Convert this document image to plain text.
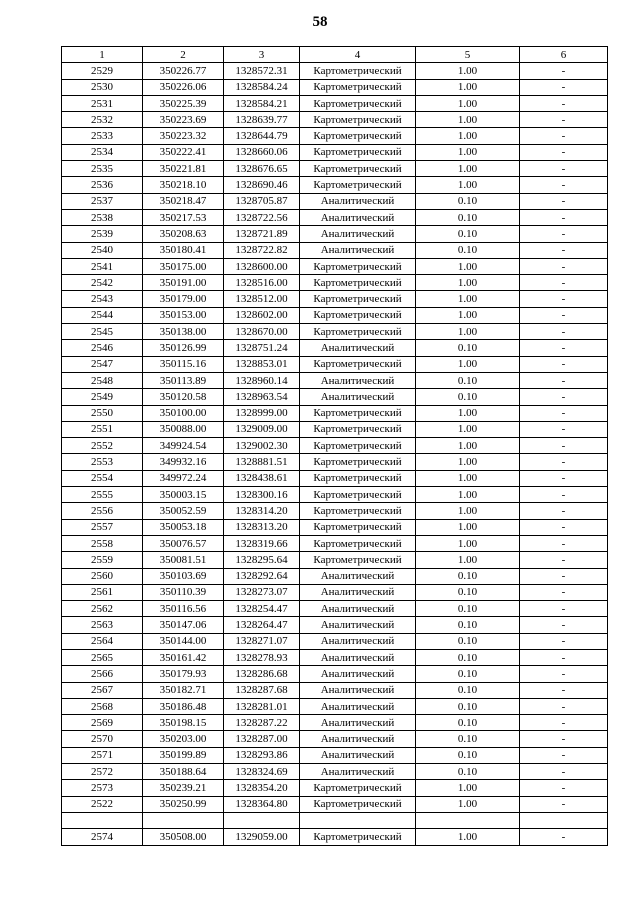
58
1	2	3	4	5	6
2529	350226.77	1328572.31	Картометрический	1.00	-
2530	350226.06	1328584.24	Картометрический	1.00	-
2531	350225.39	1328584.21	Картометрический	1.00	-
2532	350223.69	1328639.77	Картометрический	1.00	-
2533	350223.32	1328644.79	Картометрический	1.00	-
2534	350222.41	1328660.06	Картометрический	1.00	-
2535	350221.81	1328676.65	Картометрический	1.00	-
2536	350218.10	1328690.46	Картометрический	1.00	-
2537	350218.47	1328705.87	Аналитический	0.10	-
2538	350217.53	1328722.56	Аналитический	0.10	-
2539	350208.63	1328721.89	Аналитический	0.10	-
2540	350180.41	1328722.82	Аналитический	0.10	-
2541	350175.00	1328600.00	Картометрический	1.00	-
2542	350191.00	1328516.00	Картометрический	1.00	-
2543	350179.00	1328512.00	Картометрический	1.00	-
2544	350153.00	1328602.00	Картометрический	1.00	-
2545	350138.00	1328670.00	Картометрический	1.00	-
2546	350126.99	1328751.24	Аналитический	0.10	-
2547	350115.16	1328853.01	Картометрический	1.00	-
2548	350113.89	1328960.14	Аналитический	0.10	-
2549	350120.58	1328963.54	Аналитический	0.10	-
2550	350100.00	1328999.00	Картометрический	1.00	-
2551	350088.00	1329009.00	Картометрический	1.00	-
2552	349924.54	1329002.30	Картометрический	1.00	-
2553	349932.16	1328881.51	Картометрический	1.00	-
2554	349972.24	1328438.61	Картометрический	1.00	-
2555	350003.15	1328300.16	Картометрический	1.00	-
2556	350052.59	1328314.20	Картометрический	1.00	-
2557	350053.18	1328313.20	Картометрический	1.00	-
2558	350076.57	1328319.66	Картометрический	1.00	-
2559	350081.51	1328295.64	Картометрический	1.00	-
2560	350103.69	1328292.64	Аналитический	0.10	-
2561	350110.39	1328273.07	Аналитический	0.10	-
2562	350116.56	1328254.47	Аналитический	0.10	-
2563	350147.06	1328264.47	Аналитический	0.10	-
2564	350144.00	1328271.07	Аналитический	0.10	-
2565	350161.42	1328278.93	Аналитический	0.10	-
2566	350179.93	1328286.68	Аналитический	0.10	-
2567	350182.71	1328287.68	Аналитический	0.10	-
2568	350186.48	1328281.01	Аналитический	0.10	-
2569	350198.15	1328287.22	Аналитический	0.10	-
2570	350203.00	1328287.00	Аналитический	0.10	-
2571	350199.89	1328293.86	Аналитический	0.10	-
2572	350188.64	1328324.69	Аналитический	0.10	-
2573	350239.21	1328354.20	Картометрический	1.00	-
2522	350250.99	1328364.80	Картометрический	1.00	-

2574	350508.00	1329059.00	Картометрический	1.00	-
